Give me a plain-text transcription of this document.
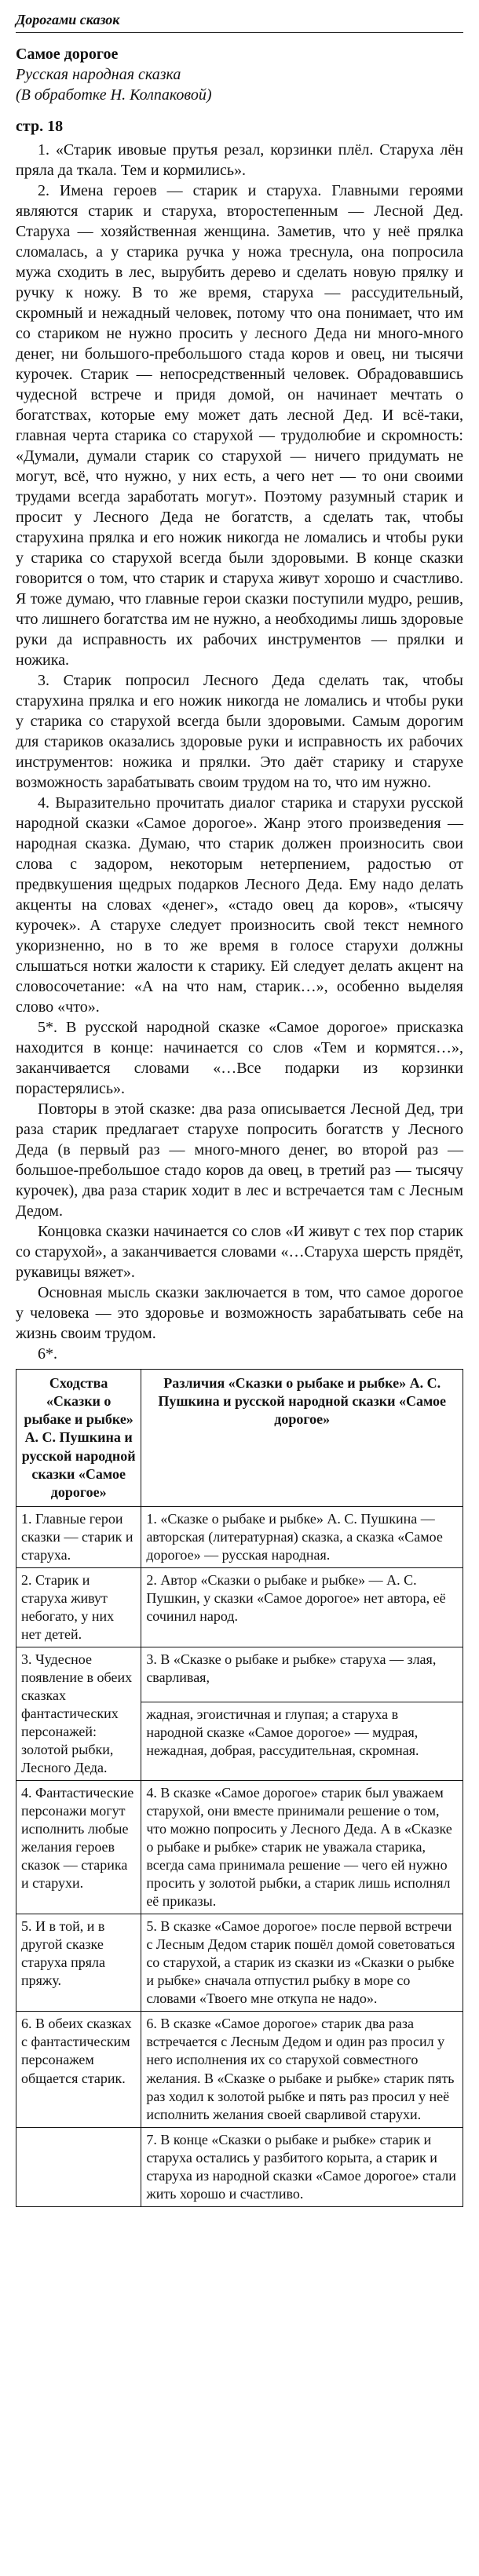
Дорогами сказок
Самое дорогое
Русская народная сказка
(В обработке Н. Колпаковой)
стр. 18

1. «Старик ивовые прутья резал, корзинки плёл. Старуха лён пряла да ткала. Тем и кормились».

2. Имена героев — старик и старуха. Главными героями являются старик и старуха, второстепенным — Лесной Дед. Старуха — хозяйственная женщина. Заметив, что у неё прялка сломалась, а у старика ручка у ножа треснула, она попросила мужа сходить в лес, вырубить дерево и сделать новую прялку и ручку к ножу. В то же время, старуха — рассудительный, скромный и нежадный человек, потому что она понимает, что им со стариком не нужно просить у лесного Деда ни много-много денег, ни большого-пребольшого стада коров и овец, ни тысячи курочек. Старик — непосредственный человек. Обрадовавшись чудесной встрече и придя домой, он начинает мечтать о богатствах, которые ему может дать лесной Дед. И всё-таки, главная черта старика со старухой — трудолюбие и скромность: «Думали, думали старик со старухой — ничего придумать не могут, всё, что нужно, у них есть, а чего нет — то они своими трудами всегда заработать могут». Поэтому разумный старик и просит у Лесного Деда не богатств, а сделать так, чтобы старухина прялка и его ножик никогда не ломались и чтобы руки у старика со старухой всегда были здоровыми. В конце сказки говорится о том, что старик и старуха живут хорошо и счастливо. Я тоже думаю, что главные герои сказки поступили мудро, решив, что лишнего богатства им не нужно, а необходимы лишь здоровые руки да исправность их рабочих инструментов — прялки и ножика.

3. Старик попросил Лесного Деда сделать так, чтобы старухина прялка и его ножик никогда не ломались и чтобы руки у старика со старухой всегда были здоровыми. Самым дорогим для стариков оказались здоровые руки и исправность их рабочих инструментов: ножика и прялки. Это даёт старику и старухе возможность зарабатывать своим трудом на то, что им нужно.

4. Выразительно прочитать диалог старика и старухи русской народной сказки «Самое дорогое». Жанр этого произведения — народная сказка. Думаю, что старик должен произносить свои слова с задором, некоторым нетерпением, радостью от предвкушения щедрых подарков Лесного Деда. Ему надо делать акценты на словах «денег», «стадо овец да коров», «тысячу курочек». А старухе следует произносить свой текст немного укоризненно, но в то же время в голосе старухи должны слышаться нотки жалости к старику. Ей следует делать акцент на словосочетание: «А на что нам, старик…», особенно выделяя слово «что».

5*. В русской народной сказке «Самое дорогое» присказка находится в конце: начинается со слов «Тем и кормятся…», заканчивается словами «…Все подарки из корзинки пораcтерялись».

Повторы в этой сказке: два раза описывается Лесной Дед, три раза старик предлагает старухе попросить богатств у Лесного Деда (в первый раз — много-много денег, во второй раз — большое-пребольшое стадо коров да овец, в третий раз — тысячу курочек), два раза старик ходит в лес и встречается там с Лесным Дедом.

Концовка сказки начинается со слов «И живут с тех пор старик со старухой», а заканчивается словами «…Старуха шерсть прядёт, рукавицы вяжет».

Основная мысль сказки заключается в том, что самое дорогое у человека — это здоровье и возможность зарабатывать себе на жизнь своим трудом.

6*.

Сходства «Сказки о рыбаке и рыбке» А. С. Пушкина и русской народной сказки «Самое дорогое»	Различия «Сказки о рыбаке и рыбке» А. С. Пушкина и русской народной сказки «Самое дорогое»
1. Главные герои сказки — старик и старуха.	1. «Сказке о рыбаке и рыбке» А. С. Пушкина — авторская (литературная) сказка, а сказка «Самое дорогое» — русская народная.
2. Старик и старуха живут небогато, у них нет детей.	2. Автор «Сказки о рыбаке и рыбке» — А. С. Пушкин, у сказки «Самое дорогое» нет автора, её сочинил народ.
3. Чудесное появление в обеих сказках фантастических персонажей: золотой рыбки, Лесного Деда.	3. В «Сказке о рыбаке и рыбке» старуха — злая, сварливая,
	жадная, эгоистичная и глупая; а старуха в народной сказке «Самое дорогое» — мудрая, нежадная, добрая, рассудительная, скромная.
4. Фантастические персонажи могут исполнить любые желания героев сказок — старика и старухи.	4. В сказке «Самое дорогое» старик был уважаем старухой, они вместе принимали решение о том, что можно попросить у Лесного Деда. А в «Сказке о рыбаке и рыбке» старик не уважала старика, всегда сама принимала решение — чего ей нужно просить у золотой рыбки, а старик лишь исполнял её приказы.
5. И в той, и в другой сказке старуха пряла пряжу.	5. В сказке «Самое дорогое» после первой встречи с Лесным Дедом старик пошёл домой советоваться со старухой, а старик из сказки из «Сказки о рыбке и рыбке» сначала отпустил рыбку в море со словами «Твоего мне откупа не надо».
6. В обеих сказках с фантастическим персонажем общается старик.	6. В сказке «Самое дорогое» старик два раза встречается с Лесным Дедом и один раз просил у него исполнения их со старухой совместного желания. В «Сказке о рыбаке и рыбке» старик пять раз ходил к золотой рыбке и пять раз просил у неё исполнить желания своей сварливой старухи.
	7. В конце «Сказки о рыбаке и рыбке» старик и старуха остались у разбитого корыта, а старик и старуха из народной сказки «Самое дорогое» стали жить хорошо и счастливо.
